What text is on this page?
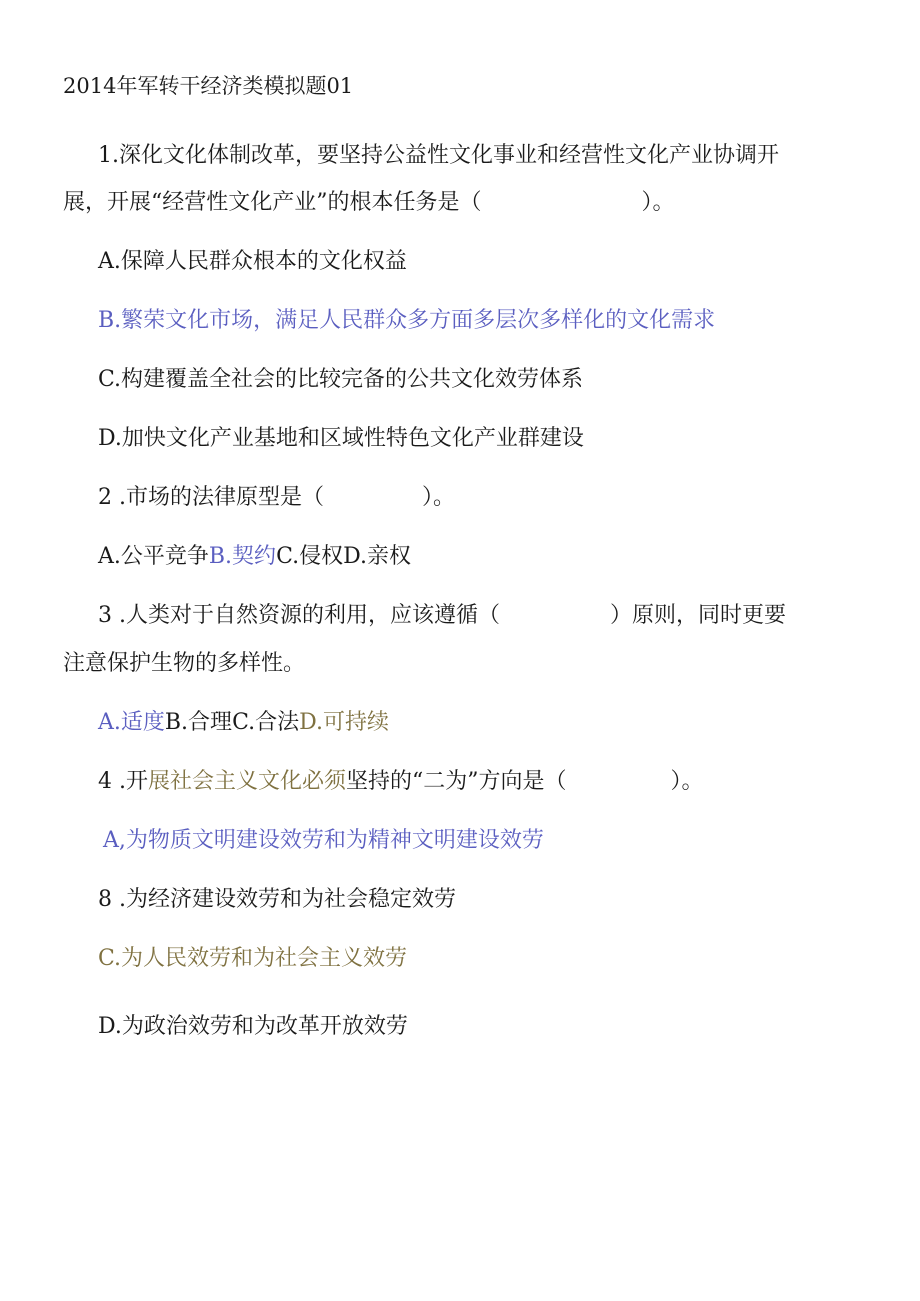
2014年军转干经济类模拟题01
1.深化文化体制改革，要坚持公益性文化事业和经营性文化产业协调开
展，开展“经营性文化产业”的根本任务是（	）。
A.保障人民群众根本的文化权益
B.繁荣文化市场，满足人民群众多方面多层次多样化的文化需求
C.构建覆盖全社会的比较完备的公共文化效劳体系
D.加快文化产业基地和区域性特色文化产业群建设
2 .市场的法律原型是（	）。
A.公平竞争B.契约C.侵权D.亲权
3 .人类对于自然资源的利用，应该遵循（	）原则，同时更要
注意保护生物的多样性。
A.适度B.合理C.合法D.可持续
4 .开展社会主义文化必须坚持的“二为”方向是（	）。
A,为物质文明建设效劳和为精神文明建设效劳
8 .为经济建设效劳和为社会稳定效劳
C.为人民效劳和为社会主义效劳
D.为政治效劳和为改革开放效劳
